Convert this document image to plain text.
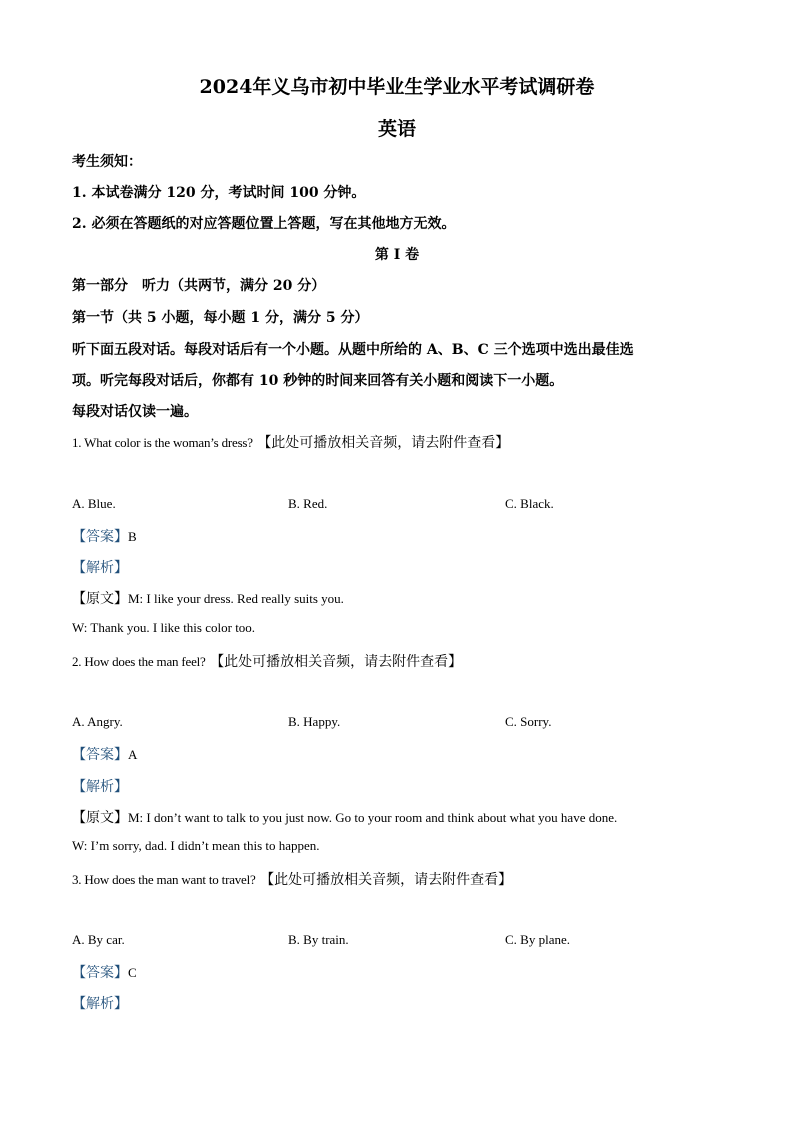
2024年义乌市初中毕业生学业水平考试调研卷
英语
考生须知：
1. 本试卷满分 120 分，考试时间 100 分钟。
2. 必须在答题纸的对应答题位置上答题，写在其他地方无效。
第 I 卷
第一部分　听力（共两节，满分 20 分）
第一节（共 5 小题，每小题 1 分，满分 5 分）
听下面五段对话。每段对话后有一个小题。从题中所给的 A、B、C 三个选项中选出最佳选
项。听完每段对话后，你都有 10 秒钟的时间来回答有关小题和阅读下一小题。
每段对话仅读一遍。
1. What color is the woman’s dress? 【此处可播放相关音频，请去附件查看】
A. Blue.	B. Red.	C. Black.
【答案】B
【解析】
【原文】M: I like your dress. Red really suits you.
W: Thank you. I like this color too.
2. How does the man feel? 【此处可播放相关音频，请去附件查看】
A. Angry.	B. Happy.	C. Sorry.
【答案】A
【解析】
【原文】M: I don’t want to talk to you just now. Go to your room and think about what you have done.
W: I’m sorry, dad. I didn’t mean this to happen.
3. How does the man want to travel? 【此处可播放相关音频，请去附件查看】
A. By car.	B. By train.	C. By plane.
【答案】C
【解析】
